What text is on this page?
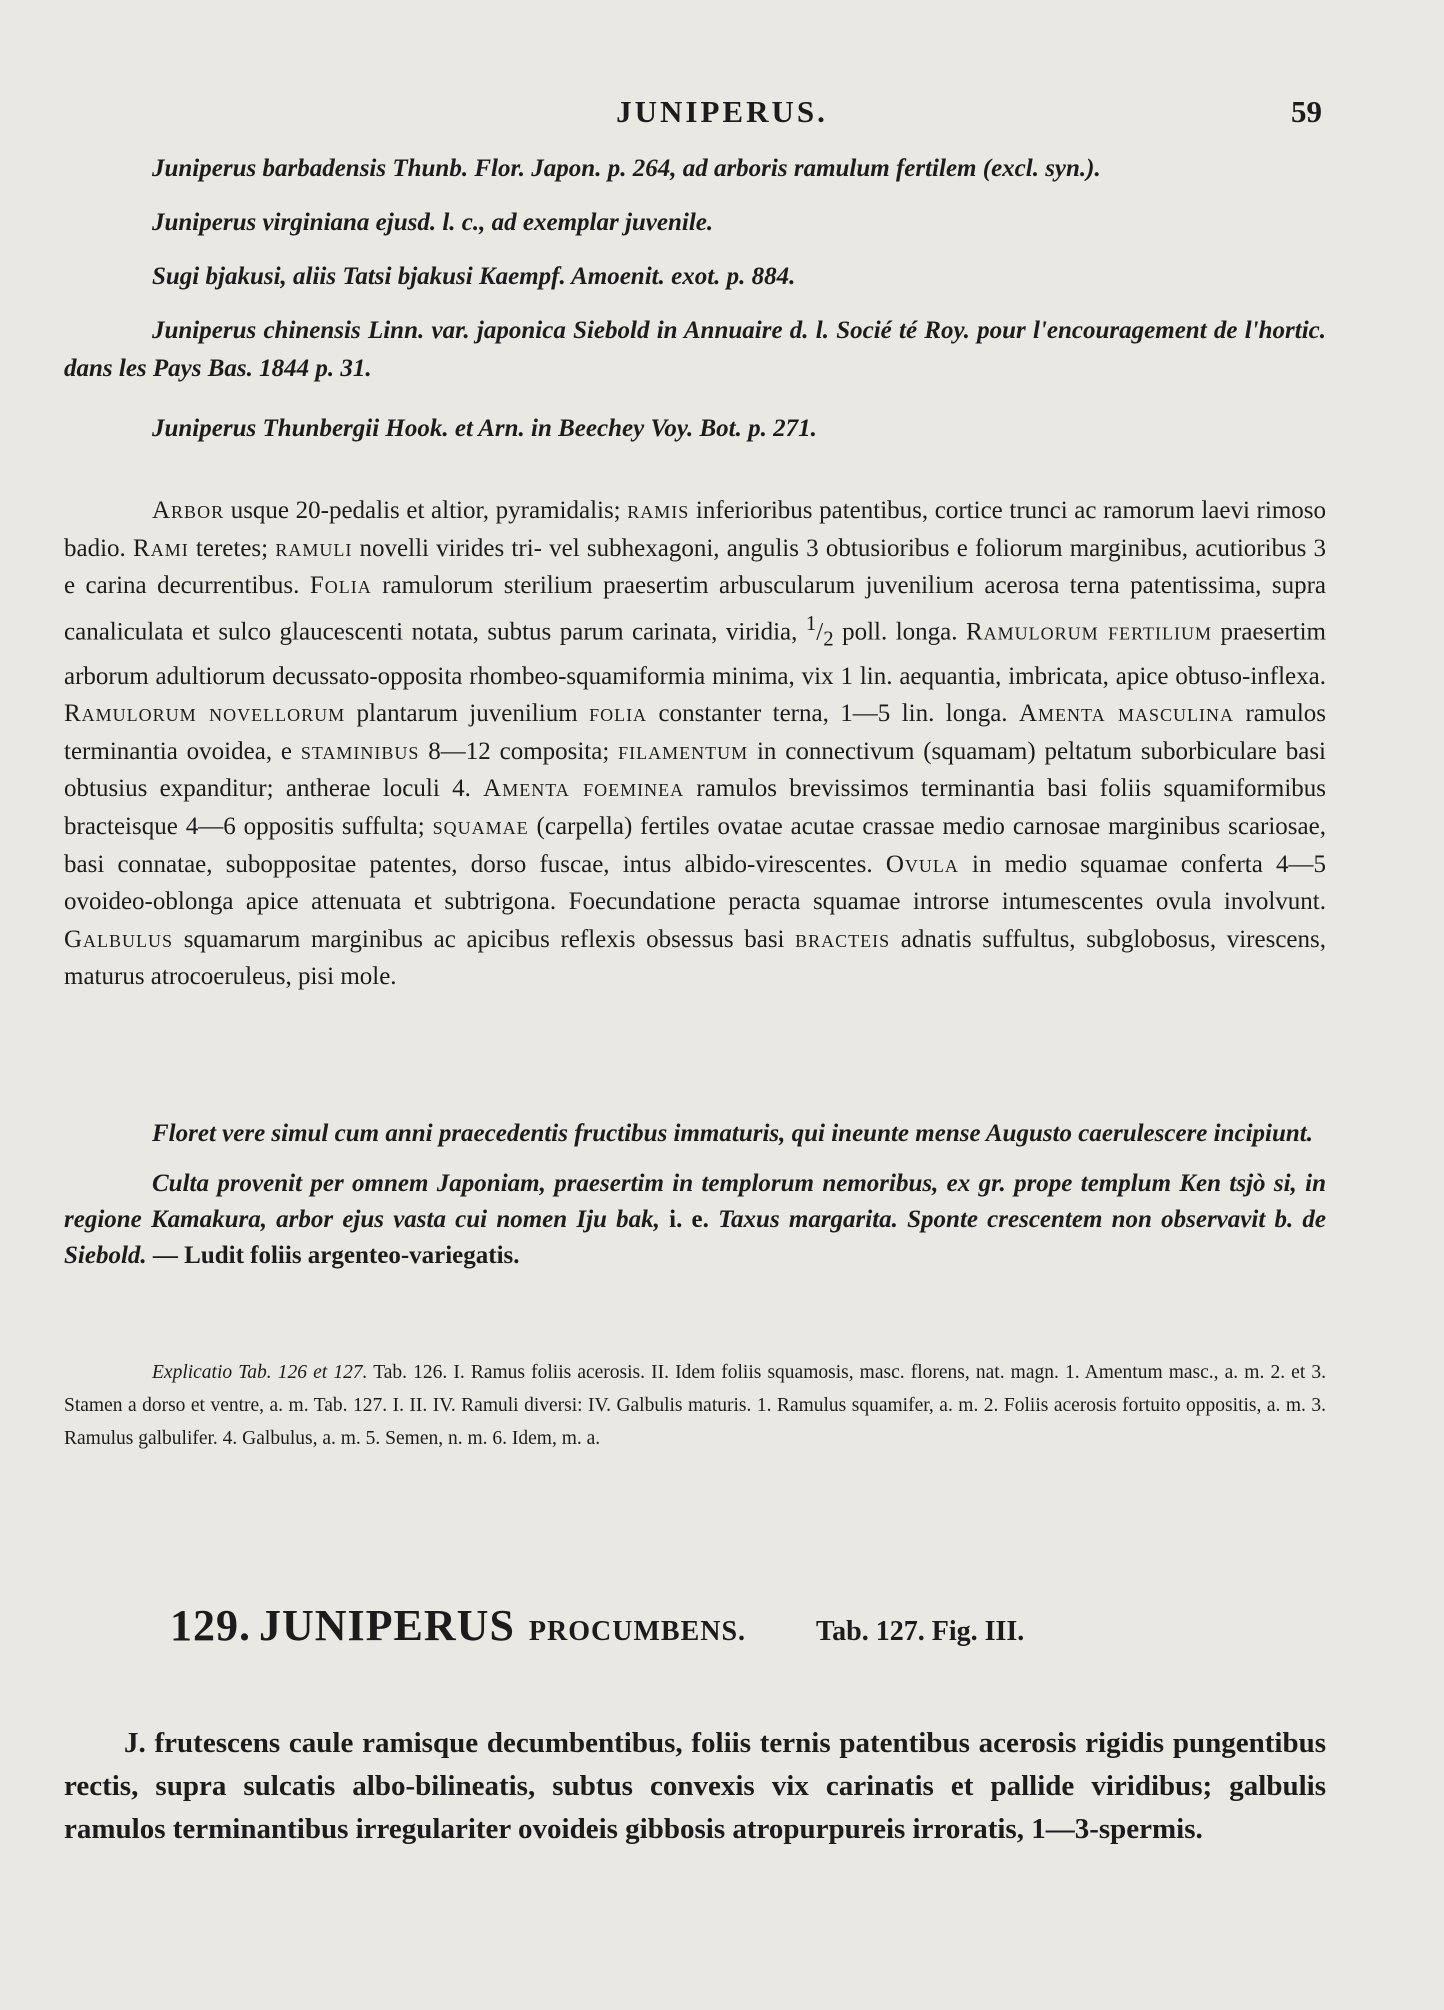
JUNIPERUS.	59

Juniperus barbadensis Thunb. Flor. Japon. p. 264, ad arboris ramulum fertilem (excl. syn.).

Juniperus virginiana ejusd. l. c., ad exemplar juvenile.

Sugi bjakusi, aliis Tatsi bjakusi Kaempf. Amoenit. exot. p. 884.

Juniperus chinensis Linn. var. japonica Siebold in Annuaire d. l. Socié té Roy. pour l'encouragement de l'hortic. dans les Pays Bas. 1844 p. 31.

Juniperus Thunbergii Hook. et Arn. in Beechey Voy. Bot. p. 271.

Arbor usque 20-pedalis et altior, pyramidalis; ramis inferioribus patentibus, cortice trunci ac ramorum laevi rimoso badio. Rami teretes; ramuli novelli virides tri- vel subhexagoni, angulis 3 obtusioribus e foliorum marginibus, acutioribus 3 e carina decurrentibus. Folia ramulorum sterilium praesertim arbuscularum juvenilium acerosa terna patentissima, supra canaliculata et sulco glaucescenti notata, subtus parum carinata, viridia, $^1/_2$ poll. longa. Ramulorum fertilium praesertim arborum adultiorum decussato-opposita rhombeo-squamiformia minima, vix 1 lin. aequantia, imbricata, apice obtuso-inflexa. Ramulorum novellorum plantarum juvenilium folia constanter terna, 1—5 lin. longa. Amenta masculina ramulos terminantia ovoidea, e staminibus 8—12 composita; filamentum in connectivum (squamam) peltatum suborbiculare basi obtusius expanditur; antherae loculi 4. Amenta foeminea ramulos brevissimos terminantia basi foliis squamiformibus bracteisque 4—6 oppositis suffulta; squamae (carpella) fertiles ovatae acutae crassae medio carnosae marginibus scariosae, basi connatae, suboppositae patentes, dorso fuscae, intus albido-virescentes. Ovula in medio squamae conferta 4—5 ovoideo-oblonga apice attenuata et subtrigona. Foecundatione peracta squamae introrse intumescentes ovula involvunt. Galbulus squamarum marginibus ac apicibus reflexis obsessus basi bracteis adnatis suffultus, subglobosus, virescens, maturus atrocoeruleus, pisi mole.

Floret vere simul cum anni praecedentis fructibus immaturis, qui ineunte mense Augusto caerulescere incipiunt.

Culta provenit per omnem Japoniam, praesertim in templorum nemoribus, ex gr. prope templum Ken tsjò si, in regione Kamakura, arbor ejus vasta cui nomen Iju bak, i. e. Taxus margarita. Sponte crescentem non observavit b. de Siebold. — Ludit foliis argenteo-variegatis.

Explicatio Tab. 126 et 127. Tab. 126. I. Ramus foliis acerosis. II. Idem foliis squamosis, masc. florens, nat. magn. 1. Amentum masc., a. m. 2. et 3. Stamen a dorso et ventre, a. m. Tab. 127. I. II. IV. Ramuli diversi: IV. Galbulis maturis. 1. Ramulus squamifer, a. m. 2. Foliis acerosis fortuito oppositis, a. m. 3. Ramulus galbulifer. 4. Galbulus, a. m. 5. Semen, n. m. 6. Idem, m. a.

129. JUNIPERUS PROCUMBENS.	Tab. 127. Fig. III.

J. frutescens caule ramisque decumbentibus, foliis ternis patentibus acerosis rigidis pungentibus rectis, supra sulcatis albo-bilineatis, subtus convexis vix carinatis et pallide viridibus; galbulis ramulos terminantibus irregulariter ovoideis gibbosis atropurpureis irroratis, 1—3-spermis.
